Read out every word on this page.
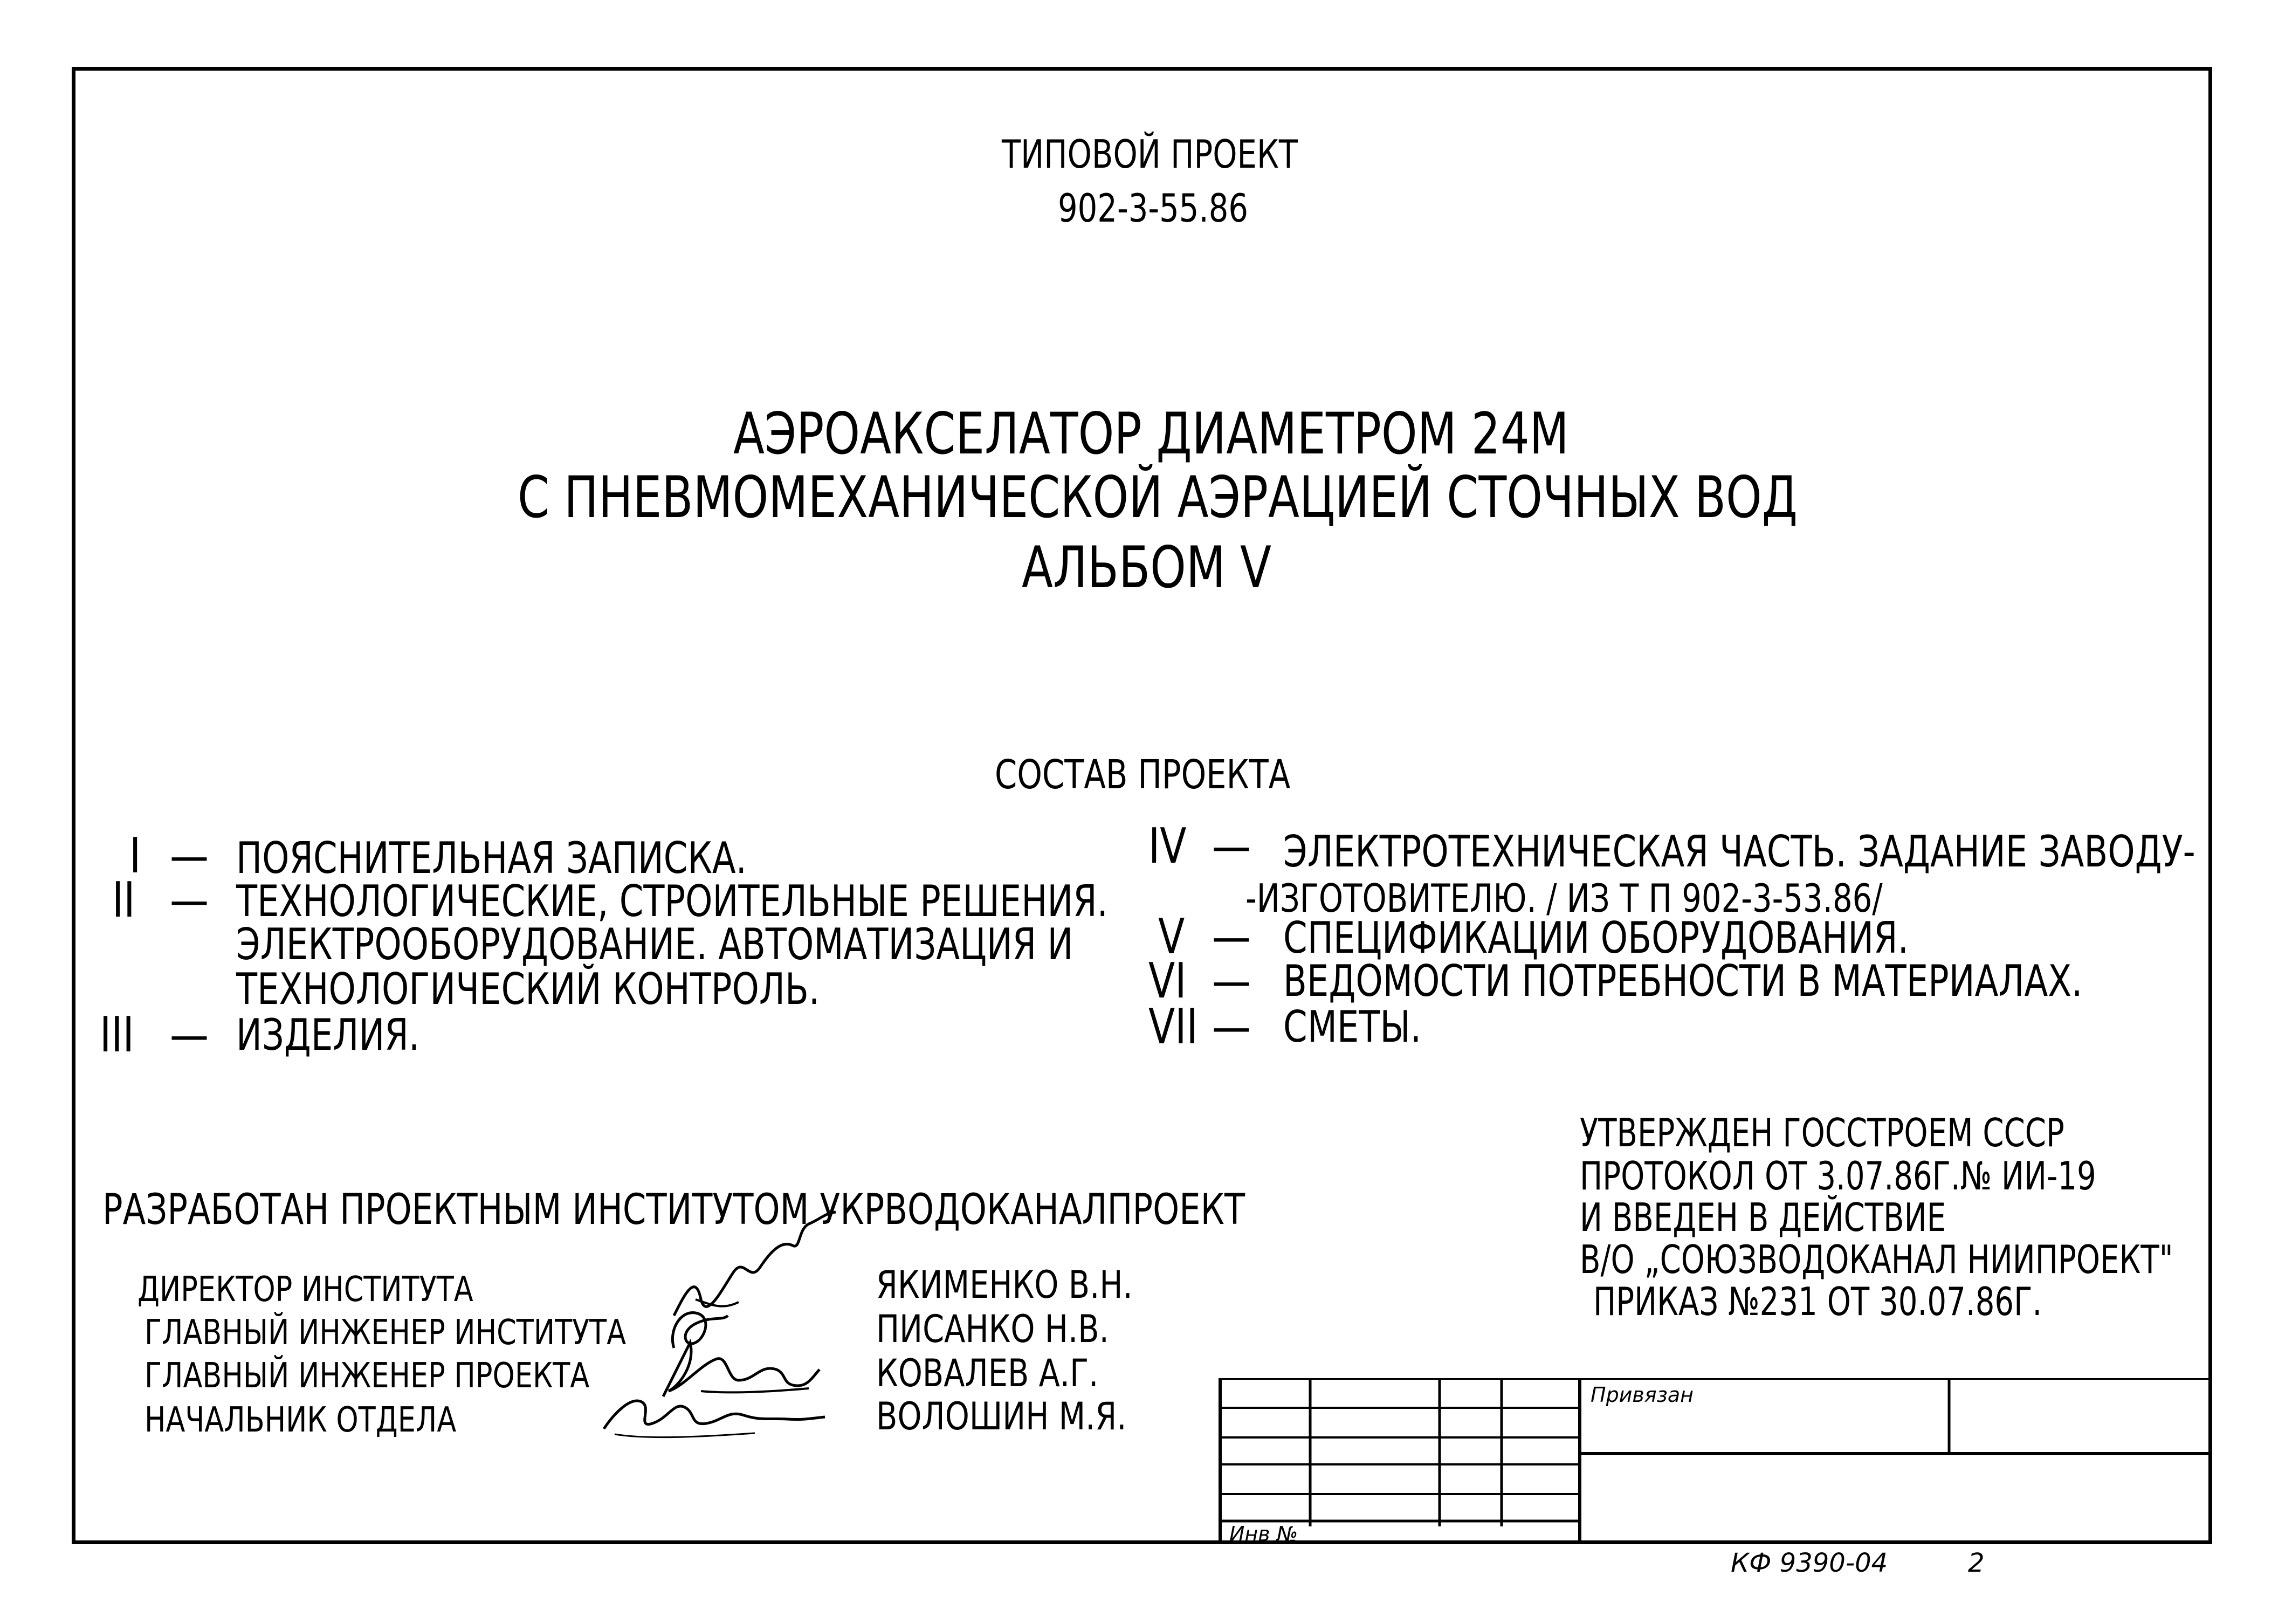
ТИПОВОЙ ПРОЕКТ
902-3-55.86
АЭРОАКСЕЛАТОР ДИАМЕТРОМ 24М
С ПНЕВМОМЕХАНИЧЕСКОЙ АЭРАЦИЕЙ СТОЧНЫХ ВОД
АЛЬБОМ V
СОСТАВ ПРОЕКТА
I — ПОЯСНИТЕЛЬНАЯ ЗАПИСКА.
II — ТЕХНОЛОГИЧЕСКИЕ, СТРОИТЕЛЬНЫЕ РЕШЕНИЯ.
ЭЛЕКТРООБОРУДОВАНИЕ. АВТОМАТИЗАЦИЯ И
ТЕХНОЛОГИЧЕСКИЙ КОНТРОЛЬ.
III — ИЗДЕЛИЯ.
IV — ЭЛЕКТРОТЕХНИЧЕСКАЯ ЧАСТЬ. ЗАДАНИЕ ЗАВОДУ-
-ИЗГОТОВИТЕЛЮ. / ИЗ Т П 902-3-53.86/
V — СПЕЦИФИКАЦИИ ОБОРУДОВАНИЯ.
VI — ВЕДОМОСТИ ПОТРЕБНОСТИ В МАТЕРИАЛАХ.
VII — СМЕТЫ.
УТВЕРЖДЕН ГОССТРОЕМ СССР
ПРОТОКОЛ ОТ 3.07.86Г.№ ИИ-19
И ВВЕДЕН В ДЕЙСТВИЕ
В/О „СОЮЗВОДОКАНАЛ НИИПРОЕКТ"
ПРИКАЗ №231 ОТ 30.07.86Г.
РАЗРАБОТАН ПРОЕКТНЫМ ИНСТИТУТОМ УКРВОДОКАНАЛПРОЕКТ
ДИРЕКТОР ИНСТИТУТА
ГЛАВНЫЙ ИНЖЕНЕР ИНСТИТУТА
ГЛАВНЫЙ ИНЖЕНЕР ПРОЕКТА
НАЧАЛЬНИК ОТДЕЛА
ЯКИМЕНКО В.Н.
ПИСАНКО Н.В.
КОВАЛЕВ А.Г.
ВОЛОШИН М.Я.	Привязан
Инв №
КФ 9390-04	2
